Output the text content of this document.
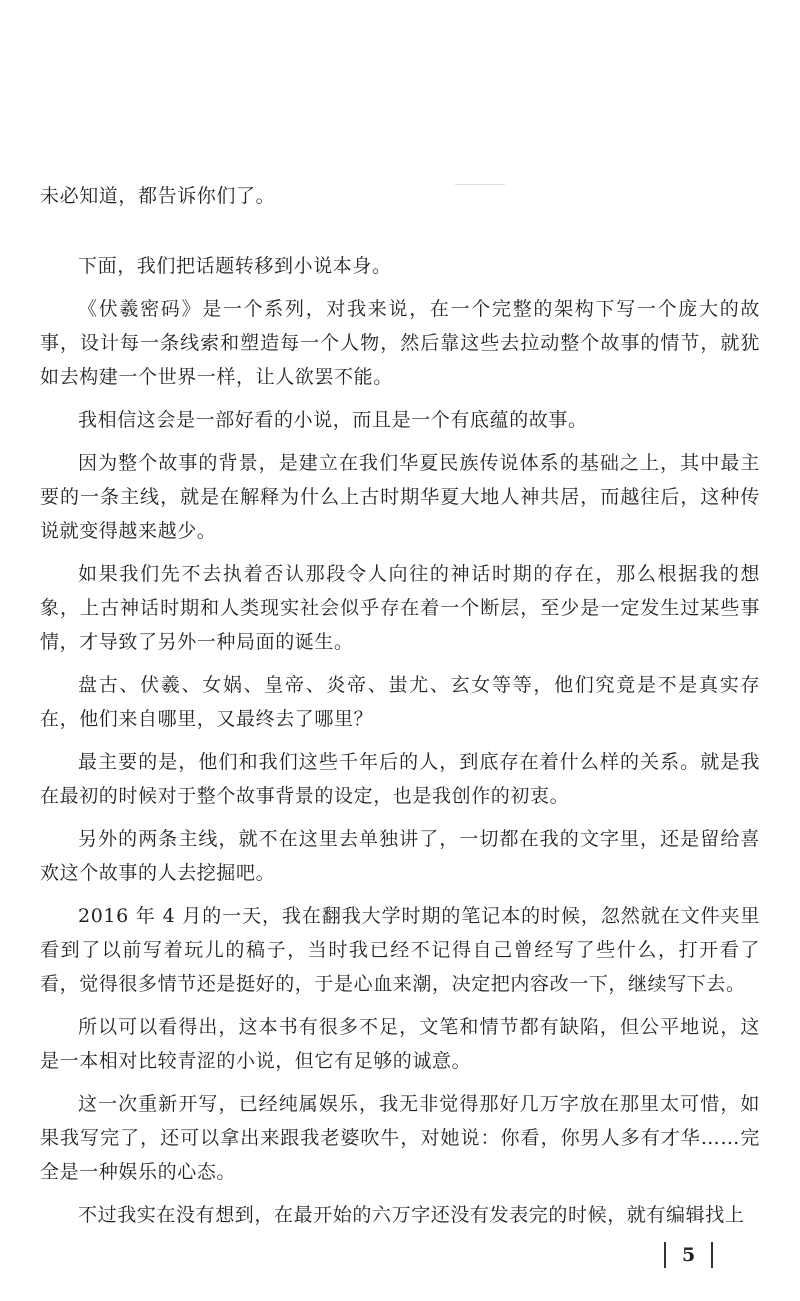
未必知道，都告诉你们了。

下面，我们把话题转移到小说本身。

《伏羲密码》是一个系列，对我来说，在一个完整的架构下写一个庞大的故事，设计每一条线索和塑造每一个人物，然后靠这些去拉动整个故事的情节，就犹如去构建一个世界一样，让人欲罢不能。

我相信这会是一部好看的小说，而且是一个有底蕴的故事。

因为整个故事的背景，是建立在我们华夏民族传说体系的基础之上，其中最主要的一条主线，就是在解释为什么上古时期华夏大地人神共居，而越往后，这种传说就变得越来越少。

如果我们先不去执着否认那段令人向往的神话时期的存在，那么根据我的想象，上古神话时期和人类现实社会似乎存在着一个断层，至少是一定发生过某些事情，才导致了另外一种局面的诞生。

盘古、伏羲、女娲、皇帝、炎帝、蚩尤、玄女等等，他们究竟是不是真实存在，他们来自哪里，又最终去了哪里？

最主要的是，他们和我们这些千年后的人，到底存在着什么样的关系。就是我在最初的时候对于整个故事背景的设定，也是我创作的初衷。

另外的两条主线，就不在这里去单独讲了，一切都在我的文字里，还是留给喜欢这个故事的人去挖掘吧。

2016 年 4 月的一天，我在翻我大学时期的笔记本的时候，忽然就在文件夹里看到了以前写着玩儿的稿子，当时我已经不记得自己曾经写了些什么，打开看了看，觉得很多情节还是挺好的，于是心血来潮，决定把内容改一下，继续写下去。

所以可以看得出，这本书有很多不足，文笔和情节都有缺陷，但公平地说，这是一本相对比较青涩的小说，但它有足够的诚意。

这一次重新开写，已经纯属娱乐，我无非觉得那好几万字放在那里太可惜，如果我写完了，还可以拿出来跟我老婆吹牛，对她说：你看，你男人多有才华……完全是一种娱乐的心态。

不过我实在没有想到，在最开始的六万字还没有发表完的时候，就有编辑找上

5
